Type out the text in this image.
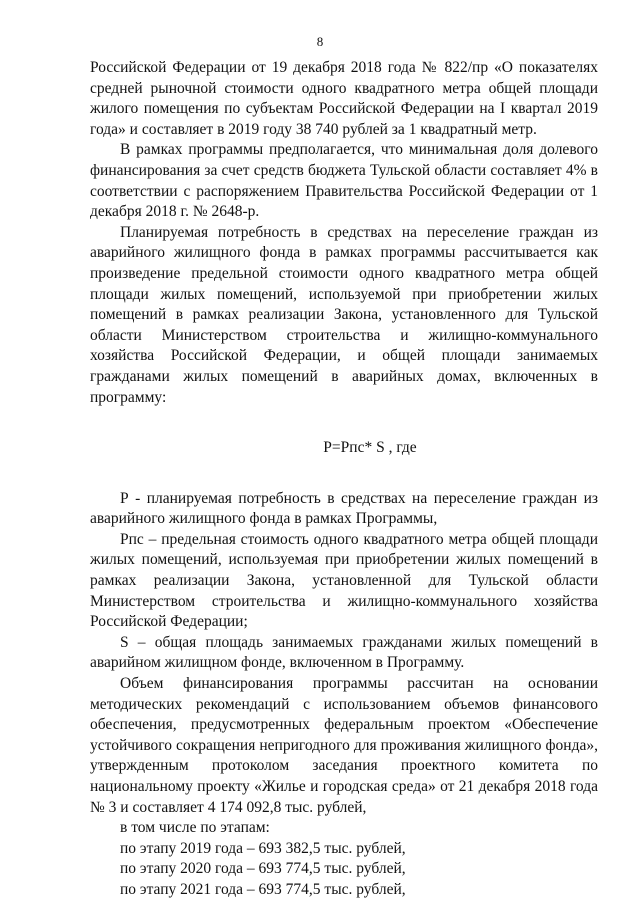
8

Российской Федерации от 19 декабря 2018 года № 822/пр «О показателях средней рыночной стоимости одного квадратного метра общей площади жилого помещения по субъектам Российской Федерации на I квартал 2019 года» и составляет в 2019 году 38 740 рублей за 1 квадратный метр.

В рамках программы предполагается, что минимальная доля долевого финансирования за счет средств бюджета Тульской области составляет 4% в соответствии с распоряжением Правительства Российской Федерации от 1 декабря 2018 г. № 2648-р.

Планируемая потребность в средствах на переселение граждан из аварийного жилищного фонда в рамках программы рассчитывается как произведение предельной стоимости одного квадратного метра общей площади жилых помещений, используемой при приобретении жилых помещений в рамках реализации Закона, установленного для Тульской области Министерством строительства и жилищно-коммунального хозяйства Российской Федерации, и общей площади занимаемых гражданами жилых помещений в аварийных домах, включенных в программу:

Р=Рпс* S , где

Р - планируемая потребность в средствах на переселение граждан из аварийного жилищного фонда в рамках Программы,

Рпс – предельная стоимость одного квадратного метра общей площади жилых помещений, используемая при приобретении жилых помещений в рамках реализации Закона, установленной для Тульской области Министерством строительства и жилищно-коммунального хозяйства Российской Федерации;

S – общая площадь занимаемых гражданами жилых помещений в аварийном жилищном фонде, включенном в Программу.

Объем финансирования программы рассчитан на основании методических рекомендаций с использованием объемов финансового обеспечения, предусмотренных федеральным проектом «Обеспечение устойчивого сокращения непригодного для проживания жилищного фонда», утвержденным протоколом заседания проектного комитета по национальному проекту «Жилье и городская среда» от 21 декабря 2018 года № 3 и составляет 4 174 092,8 тыс. рублей,

в том числе по этапам:
по этапу 2019 года – 693 382,5 тыс. рублей,
по этапу 2020 года – 693 774,5 тыс. рублей,
по этапу 2021 года – 693 774,5 тыс. рублей,
